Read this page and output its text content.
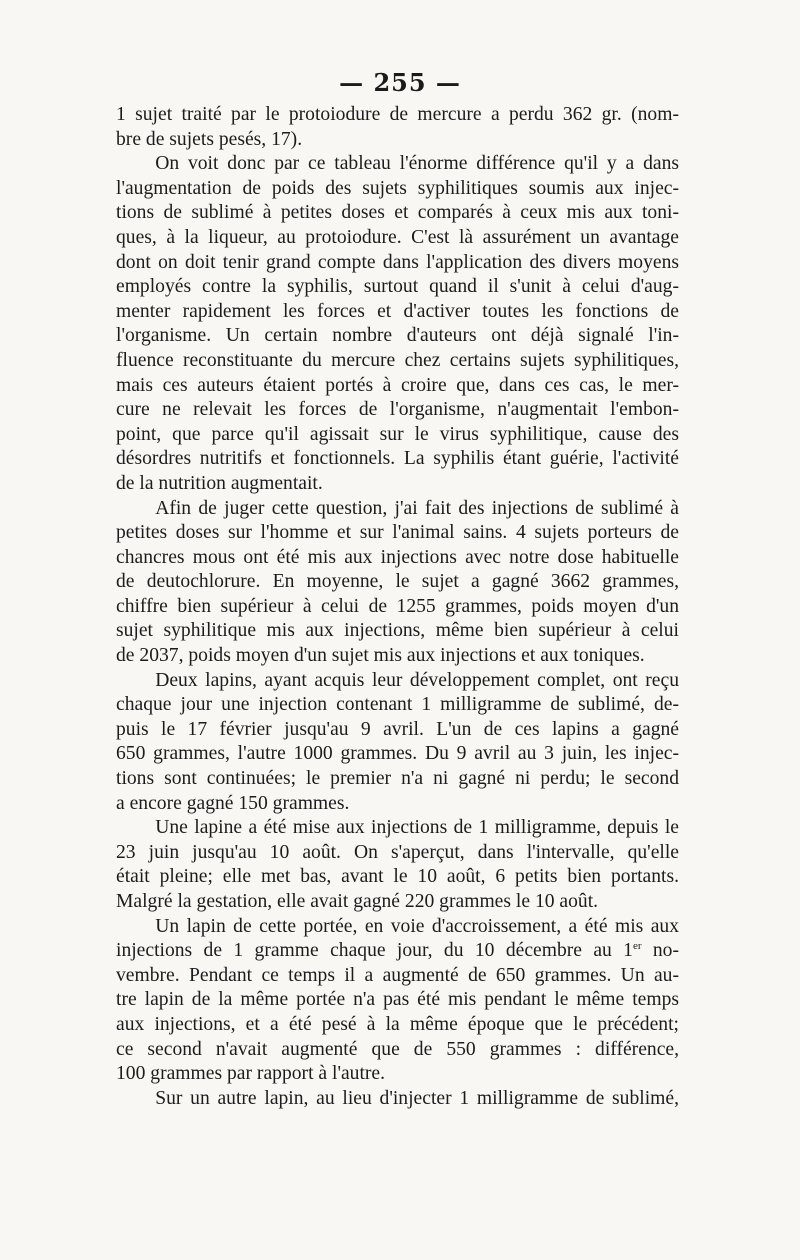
— 255 —

1 sujet traité par le protoiodure de mercure a perdu 362 gr. (nom-
bre de sujets pesés, 17).

On voit donc par ce tableau l'énorme différence qu'il y a dans
l'augmentation de poids des sujets syphilitiques soumis aux injec-
tions de sublimé à petites doses et comparés à ceux mis aux toni-
ques, à la liqueur, au protoiodure. C'est là assurément un avantage
dont on doit tenir grand compte dans l'application des divers moyens
employés contre la syphilis, surtout quand il s'unit à celui d'aug-
menter rapidement les forces et d'activer toutes les fonctions de
l'organisme. Un certain nombre d'auteurs ont déjà signalé l'in-
fluence reconstituante du mercure chez certains sujets syphilitiques,
mais ces auteurs étaient portés à croire que, dans ces cas, le mer-
cure ne relevait les forces de l'organisme, n'augmentait l'embon-
point, que parce qu'il agissait sur le virus syphilitique, cause des
désordres nutritifs et fonctionnels. La syphilis étant guérie, l'activité
de la nutrition augmentait.

Afin de juger cette question, j'ai fait des injections de sublimé à
petites doses sur l'homme et sur l'animal sains. 4 sujets porteurs de
chancres mous ont été mis aux injections avec notre dose habituelle
de deutochlorure. En moyenne, le sujet a gagné 3662 grammes,
chiffre bien supérieur à celui de 1255 grammes, poids moyen d'un
sujet syphilitique mis aux injections, même bien supérieur à celui
de 2037, poids moyen d'un sujet mis aux injections et aux toniques.

Deux lapins, ayant acquis leur développement complet, ont reçu
chaque jour une injection contenant 1 milligramme de sublimé, de-
puis le 17 février jusqu'au 9 avril. L'un de ces lapins a gagné
650 grammes, l'autre 1000 grammes. Du 9 avril au 3 juin, les injec-
tions sont continuées; le premier n'a ni gagné ni perdu; le second
a encore gagné 150 grammes.

Une lapine a été mise aux injections de 1 milligramme, depuis le
23 juin jusqu'au 10 août. On s'aperçut, dans l'intervalle, qu'elle
était pleine; elle met bas, avant le 10 août, 6 petits bien portants.
Malgré la gestation, elle avait gagné 220 grammes le 10 août.

Un lapin de cette portée, en voie d'accroissement, a été mis aux
injections de 1 gramme chaque jour, du 10 décembre au 1er no-
vembre. Pendant ce temps il a augmenté de 650 grammes. Un au-
tre lapin de la même portée n'a pas été mis pendant le même temps
aux injections, et a été pesé à la même époque que le précédent;
ce second n'avait augmenté que de 550 grammes : différence,
100 grammes par rapport à l'autre.

Sur un autre lapin, au lieu d'injecter 1 milligramme de sublimé,
